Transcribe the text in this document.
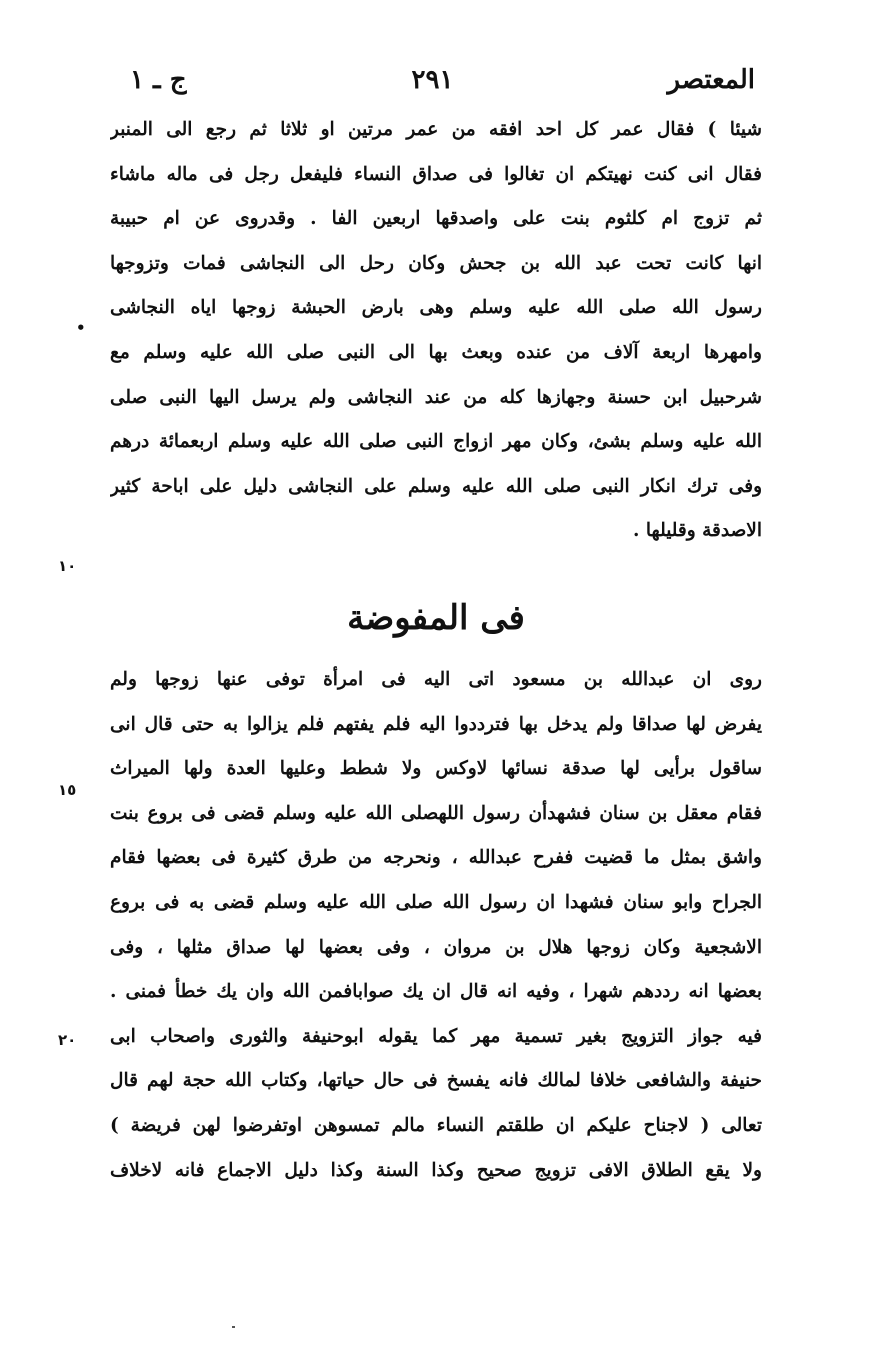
ج ـ ١	٢٩١	المعتصر

شيئا ) فقال عمر كل احد افقه من عمر مرتين او ثلاثا ثم رجع الى المنبر

فقال انى كنت نهيتكم ان تغالوا فى صداق النساء فليفعل رجل فى ماله ماشاء

ثم تزوج ام كلثوم بنت على واصدقها اربعين الفا . وقدروى عن ام حبيبة

انها كانت تحت عبد الله بن جحش وكان رحل الى النجاشى فمات وتزوجها

رسول الله صلى الله عليه وسلم وهى بارض الحبشة زوجها اياه النجاشى

وامهرها اربعة آلاف من عنده وبعث بها الى النبى صلى الله عليه وسلم مع

شرحبيل ابن حسنة وجهازها كله من عند النجاشى ولم يرسل اليها النبى صلى

الله عليه وسلم بشئ، وكان مهر ازواج النبى صلى الله عليه وسلم اربعمائة درهم

وفى ترك انكار النبى صلى الله عليه وسلم على النجاشى دليل على اباحة كثير

الاصدقة وقليلها .

فى المفوضة

روى ان عبدالله بن مسعود اتى اليه فى امرأة توفى عنها زوجها ولم

يفرض لها صداقا ولم يدخل بها فترددوا اليه فلم يفتهم فلم يزالوا به حتى قال انى

ساقول برأيى لها صدقة نسائها لاوكس ولا شطط وعليها العدة ولها الميراث

فقام معقل بن سنان فشهدأن رسول اللهصلى الله عليه وسلم قضى فى بروع بنت

واشق بمثل ما قضيت ففرح عبدالله ، ونحرجه من طرق كثيرة فى بعضها فقام

الجراح وابو سنان فشهدا ان رسول الله صلى الله عليه وسلم قضى به فى بروع

الاشجعية وكان زوجها هلال بن مروان ، وفى بعضها لها صداق مثلها ، وفى

بعضها انه رددهم شهرا ، وفيه انه قال ان يك صوابافمن الله وان يك خطأ فمنى .

فيه جواز التزويج بغير تسمية مهر كما يقوله ابوحنيفة والثورى واصحاب ابى

حنيفة والشافعى خلافا لمالك فانه يفسخ فى حال حياتها، وكتاب الله حجة لهم قال

تعالى ( لاجناح عليكم ان طلقتم النساء مالم تمسوهن اوتفرضوا لهن فريضة )

ولا يقع الطلاق الافى تزويج صحيح وكذا السنة وكذا دليل الاجماع فانه لاخلاف

•
١٠
١٥
٢٠
